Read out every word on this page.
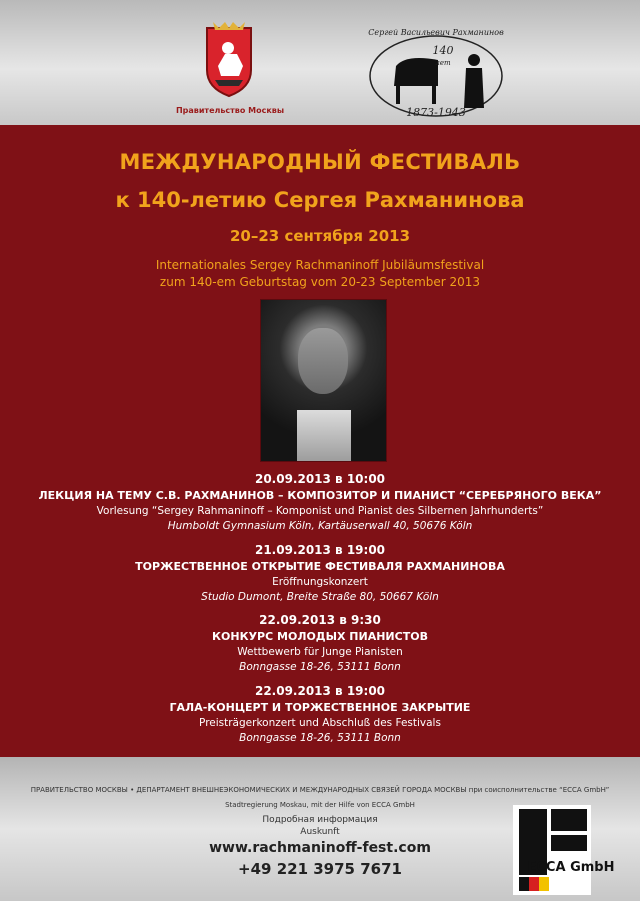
Правительство Москвы
Сергей Васильевич Рахманинов
140
лет
1873-1943
МЕЖДУНАРОДНЫЙ ФЕСТИВАЛЬ
к 140-летию Сергея Рахманинова
20–23 сентября 2013
Internationales Sergey Rachmaninoff Jubiläumsfestival
zum 140-em Geburtstag vom 20-23 September 2013
20.09.2013 в 10:00
ЛЕКЦИЯ НА ТЕМУ С.В. РАХМАНИНОВ – КОМПОЗИТОР И ПИАНИСТ “СЕРЕБРЯНОГО ВЕКА”
Vorlesung “Sergey Rahmaninoff – Komponist und Pianist des Silbernen Jahrhunderts”
Humboldt Gymnasium Köln, Kartäuserwall 40, 50676 Köln
21.09.2013 в 19:00
ТОРЖЕСТВЕННОЕ ОТКРЫТИЕ ФЕСТИВАЛЯ РАХМАНИНОВА
Eröffnungskonzert
Studio Dumont, Breite Straße 80, 50667 Köln
22.09.2013 в 9:30
КОНКУРС МОЛОДЫХ ПИАНИСТОВ
Wettbewerb für Junge Pianisten
Bonngasse 18-26, 53111 Bonn
22.09.2013 в 19:00
ГАЛА-КОНЦЕРТ И ТОРЖЕСТВЕННОЕ ЗАКРЫТИЕ
Preisträgerkonzert und Abschluß des Festivals
Bonngasse 18-26, 53111 Bonn
ПРАВИТЕЛЬСТВО МОСКВЫ • ДЕПАРТАМЕНТ ВНЕШНЕЭКОНОМИЧЕСКИХ И МЕЖДУНАРОДНЫХ СВЯЗЕЙ ГОРОДА МОСКВЫ при соисполнительстве “ЕССА GmbH”
Stadtregierung Moskau, mit der Hilfe von ECCA GmbH
Подробная информация
Auskunft
www.rachmaninoff-fest.com
+49 221 3975 7671	ECCA GmbH
